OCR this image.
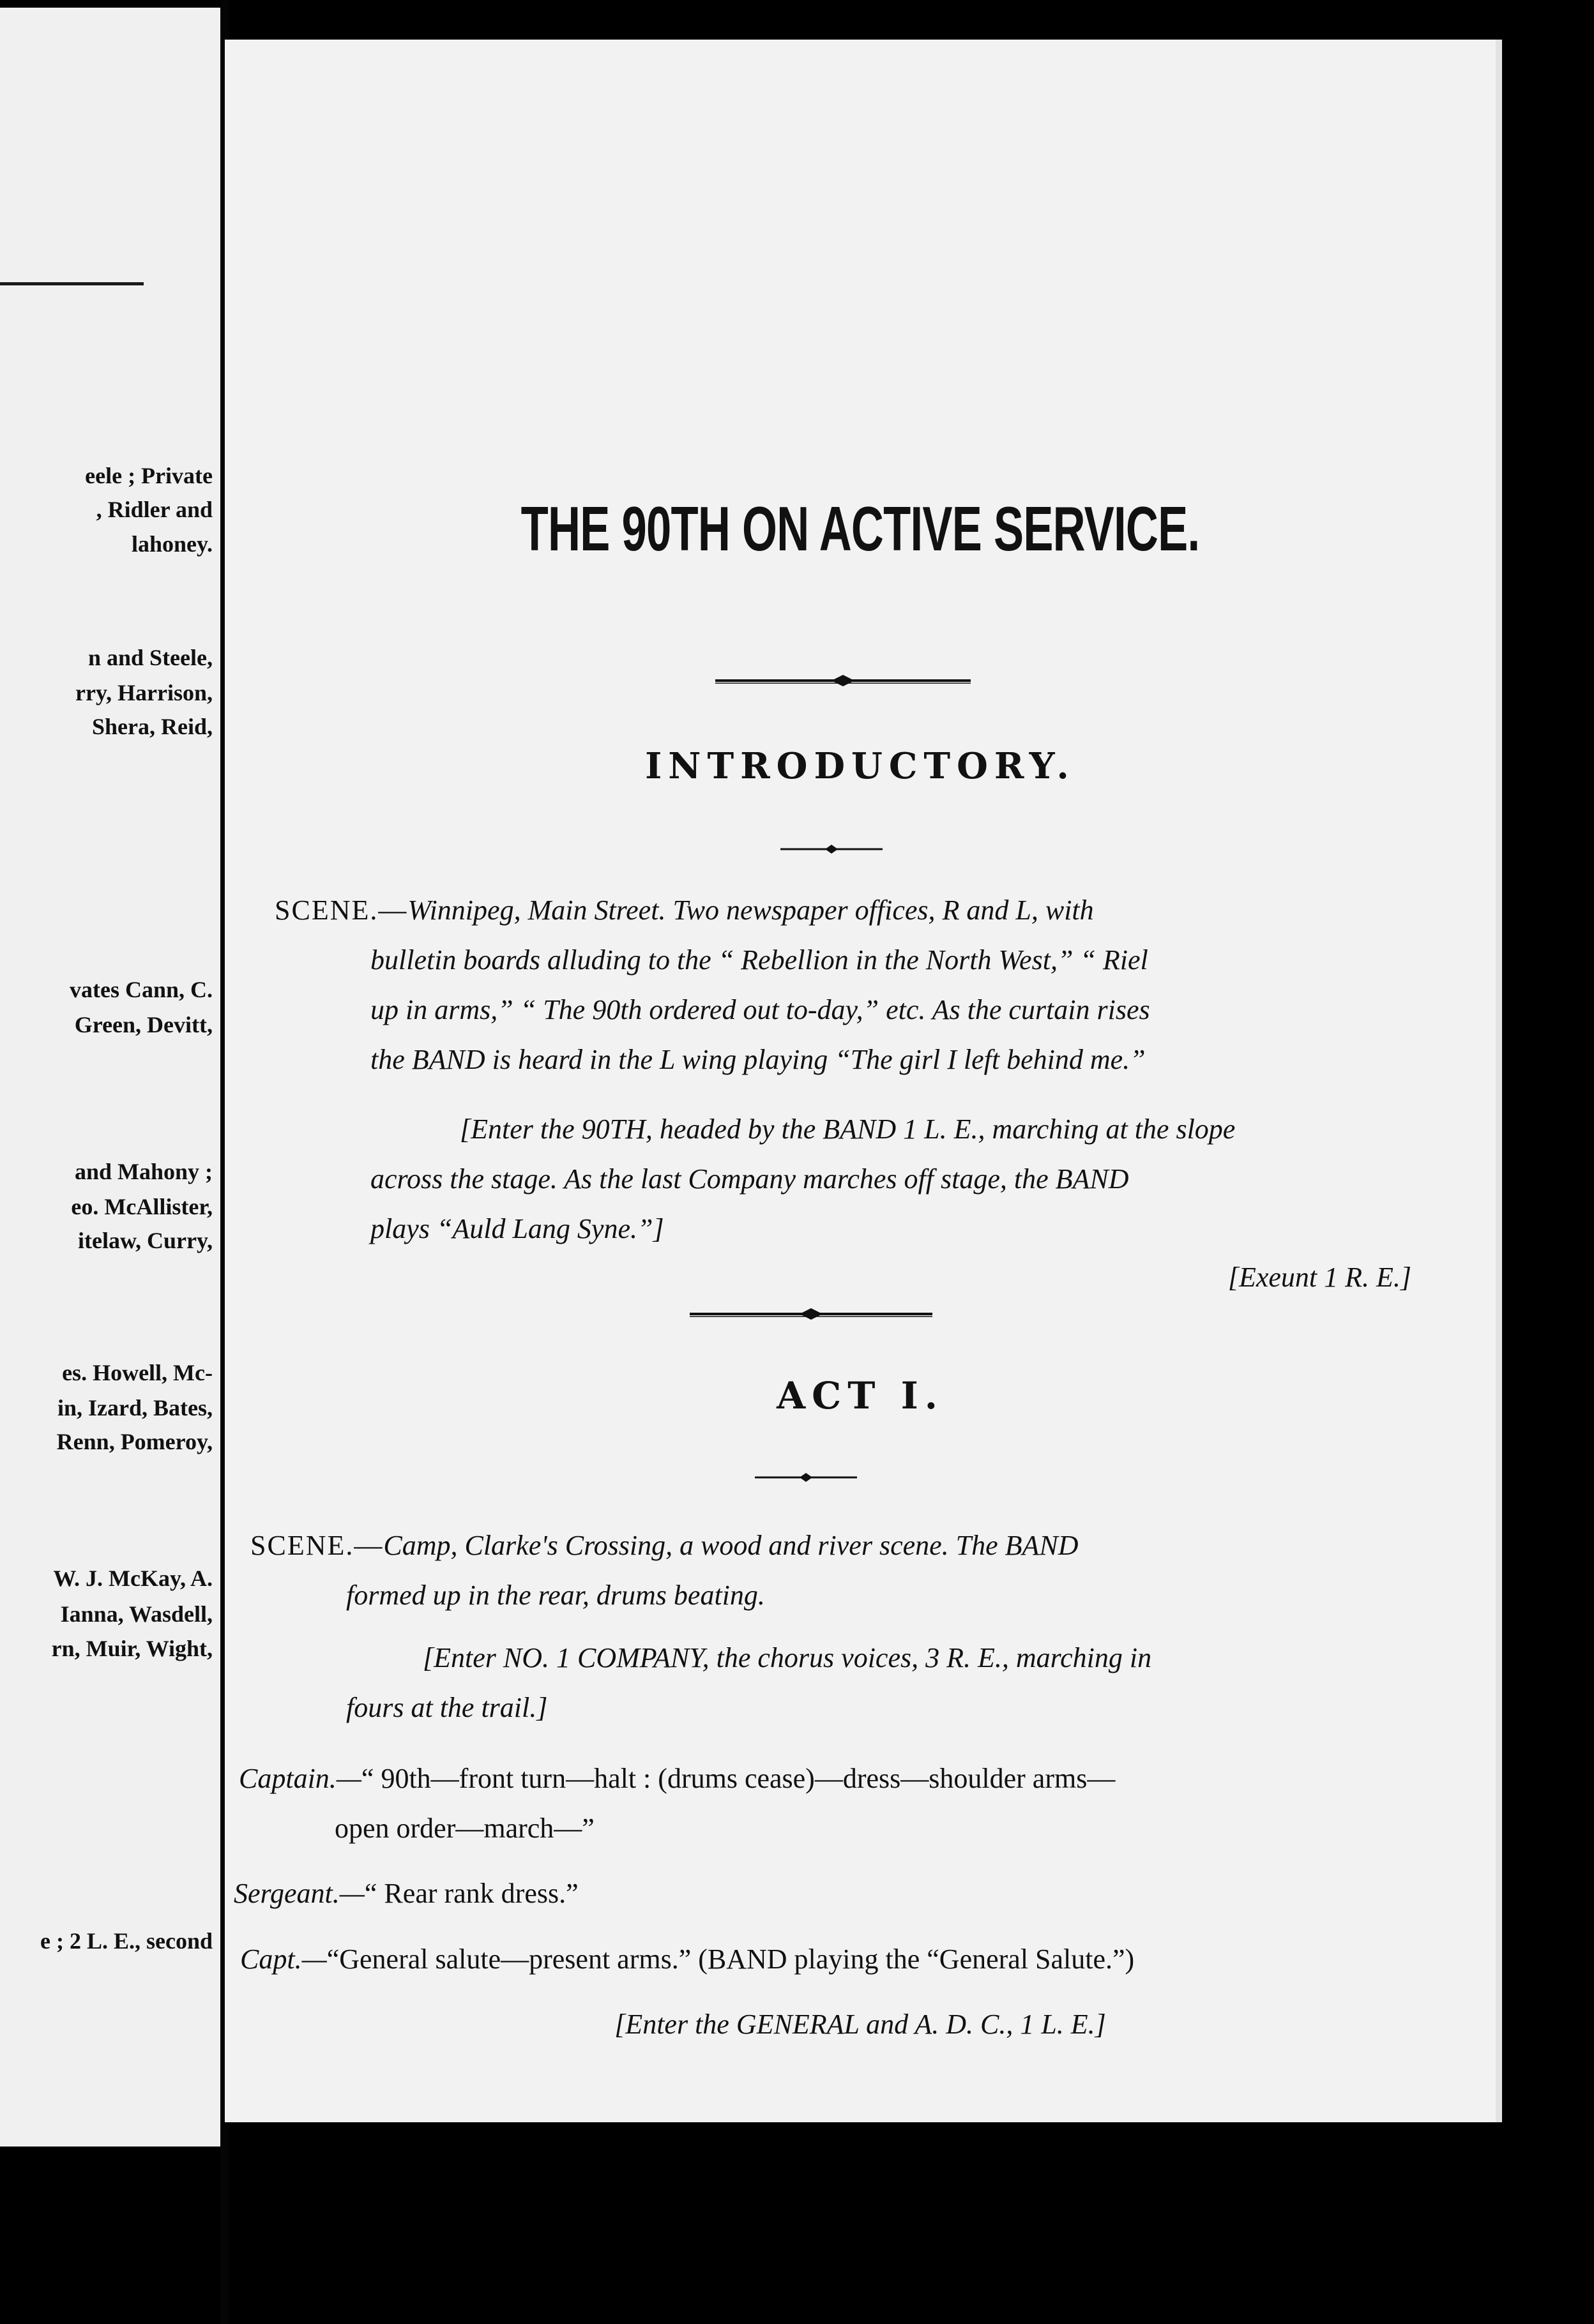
eele ; Private
, Ridler and
lahoney.
n and Steele,
rry, Harrison,
Shera, Reid,
vates Cann, C.
Green, Devitt,
and Mahony ;
eo. McAllister,
itelaw, Curry,
es. Howell, Mc-
in, Izard, Bates,
Renn, Pomeroy,
W. J. McKay, A.
Ianna, Wasdell,
rn, Muir, Wight,
e ; 2 L. E., second
THE 90TH ON ACTIVE SERVICE.
INTRODUCTORY.
SCENE.—Winnipeg, Main Street. Two newspaper offices, R and L, with
bulletin boards alluding to the “ Rebellion in the North West,” “ Riel
up in arms,” “ The 90th ordered out to-day,” etc. As the curtain rises
the BAND is heard in the L wing playing “The girl I left behind me.”
[Enter the 90TH, headed by the BAND 1 L. E., marching at the slope
across the stage. As the last Company marches off stage, the BAND
plays “Auld Lang Syne.”]
[Exeunt 1 R. E.]
ACT I.
SCENE.—Camp, Clarke's Crossing, a wood and river scene. The BAND
formed up in the rear, drums beating.
[Enter NO. 1 COMPANY, the chorus voices, 3 R. E., marching in
fours at the trail.]
Captain.—“ 90th—front turn—halt : (drums cease)—dress—shoulder arms—
open order—march—”
Sergeant.—“ Rear rank dress.”
Capt.—“General salute—present arms.” (BAND playing the “General Salute.”)
[Enter the GENERAL and A. D. C., 1 L. E.]
